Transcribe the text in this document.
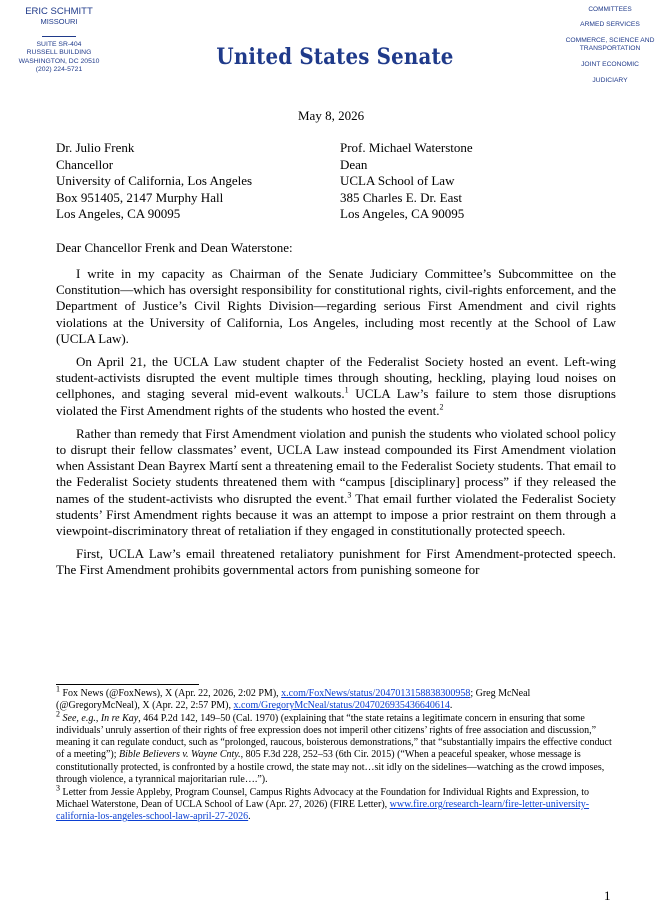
ERIC SCHMITT
MISSOURI
SUITE SR-404
RUSSELL BUILDING
WASHINGTON, DC 20510
(202) 224-5721	United States Senate
COMMITTEES
ARMED SERVICES
COMMERCE, SCIENCE AND TRANSPORTATION
JOINT ECONOMIC
JUDICIARY
May 8, 2026
Dr. Julio Frenk
Chancellor
University of California, Los Angeles
Box 951405, 2147 Murphy Hall
Los Angeles, CA 90095
Prof. Michael Waterstone
Dean
UCLA School of Law
385 Charles E. Dr. East
Los Angeles, CA 90095
Dear Chancellor Frenk and Dean Waterstone:

I write in my capacity as Chairman of the Senate Judiciary Committee’s Subcommittee on the Constitution—which has oversight responsibility for constitutional rights, civil-rights enforcement, and the Department of Justice’s Civil Rights Division—regarding serious First Amendment and civil rights violations at the University of California, Los Angeles, including most recently at the School of Law (UCLA Law).

On April 21, the UCLA Law student chapter of the Federalist Society hosted an event. Left-wing student-activists disrupted the event multiple times through shouting, heckling, playing loud noises on cellphones, and staging several mid-event walkouts.$^1$ UCLA Law’s failure to stem those disruptions violated the First Amendment rights of the students who hosted the event.$^2$

Rather than remedy that First Amendment violation and punish the students who violated school policy to disrupt their fellow classmates’ event, UCLA Law instead compounded its First Amendment violation when Assistant Dean Bayrex Martí sent a threatening email to the Federalist Society students. That email to the Federalist Society students threatened them with “campus [disciplinary] process” if they released the names of the student-activists who disrupted the event.$^3$ That email further violated the Federalist Society students’ First Amendment rights because it was an attempt to impose a prior restraint on them through a viewpoint-discriminatory threat of retaliation if they engaged in constitutionally protected speech.

First, UCLA Law’s email threatened retaliatory punishment for First Amendment-protected speech. The First Amendment prohibits governmental actors from punishing someone for

$^1$ Fox News (@FoxNews), X (Apr. 22, 2026, 2:02 PM), x.com/FoxNews/status/2047013158838300958; Greg McNeal (@GregoryMcNeal), X (Apr. 22, 2:57 PM), x.com/GregoryMcNeal/status/2047026935436640614.
$^2$ See, e.g., In re Kay, 464 P.2d 142, 149–50 (Cal. 1970) (explaining that “the state retains a legitimate concern in ensuring that some individuals’ unruly assertion of their rights of free expression does not imperil other citizens’ rights of free association and discussion,” meaning it can regulate conduct, such as “prolonged, raucous, boisterous demonstrations,” that “substantially impairs the effective conduct of a meeting”); Bible Believers v. Wayne Cnty., 805 F.3d 228, 252–53 (6th Cir. 2015) (“When a peaceful speaker, whose message is constitutionally protected, is confronted by a hostile crowd, the state may not…sit idly on the sidelines—watching as the crowd imposes, through violence, a tyrannical majoritarian rule….”).
$^3$ Letter from Jessie Appleby, Program Counsel, Campus Rights Advocacy at the Foundation for Individual Rights and Expression, to Michael Waterstone, Dean of UCLA School of Law (Apr. 27, 2026) (FIRE Letter), www.fire.org/research-learn/fire-letter-university-california-los-angeles-school-law-april-27-2026.
1
